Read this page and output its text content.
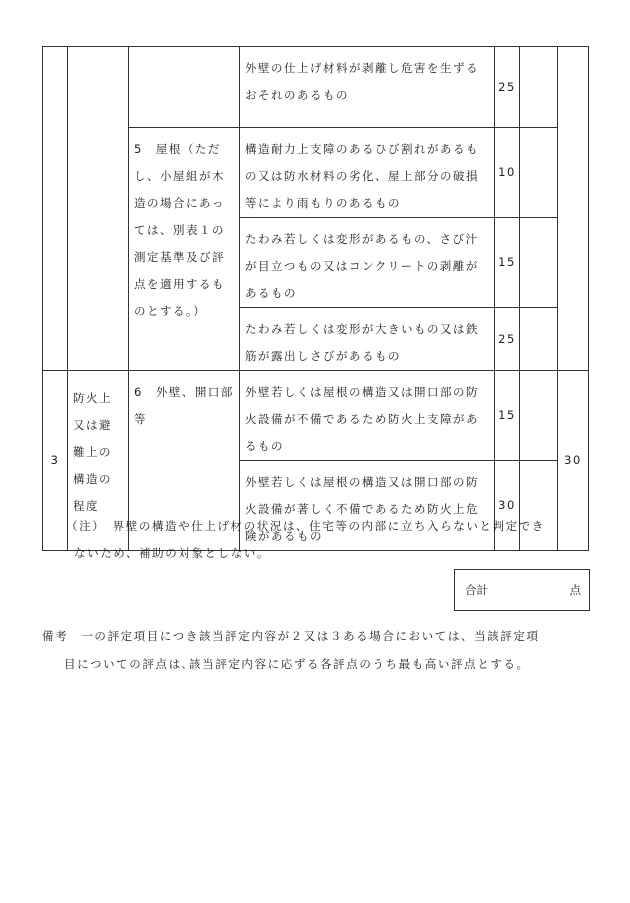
			外壁の仕上げ材料が剥離し危害を生ずるおそれのあるもの	25		
		5　屋根（ただし、小屋組が木造の場合にあっては、別表１の測定基準及び評点を適用するものとする。）	構造耐力上支障のあるひび割れがあるもの又は防水材料の劣化、屋上部分の破損等により雨もりのあるもの	10		
			たわみ若しくは変形があるもの、さび汁が目立つもの又はコンクリートの剥離があるもの	15		
			たわみ若しくは変形が大きいもの又は鉄筋が露出しさびがあるもの	25		

3	防火上又は避難上の構造の程度	6　外壁、開口部等	外壁若しくは屋根の構造又は開口部の防火設備が不備であるため防火上支障があるもの	15		30
			外壁若しくは屋根の構造又は開口部の防火設備が著しく不備であるため防火上危険があるもの	30		
（注）　界壁の構造や仕上げ材の状況は、住宅等の内部に立ち入らないと判定でき
ないため、補助の対象としない。
合計	点
備考　一の評定項目につき該当評定内容が２又は３ある場合においては、当該評定項
目についての評点は､該当評定内容に応ずる各評点のうち最も高い評点とする。
